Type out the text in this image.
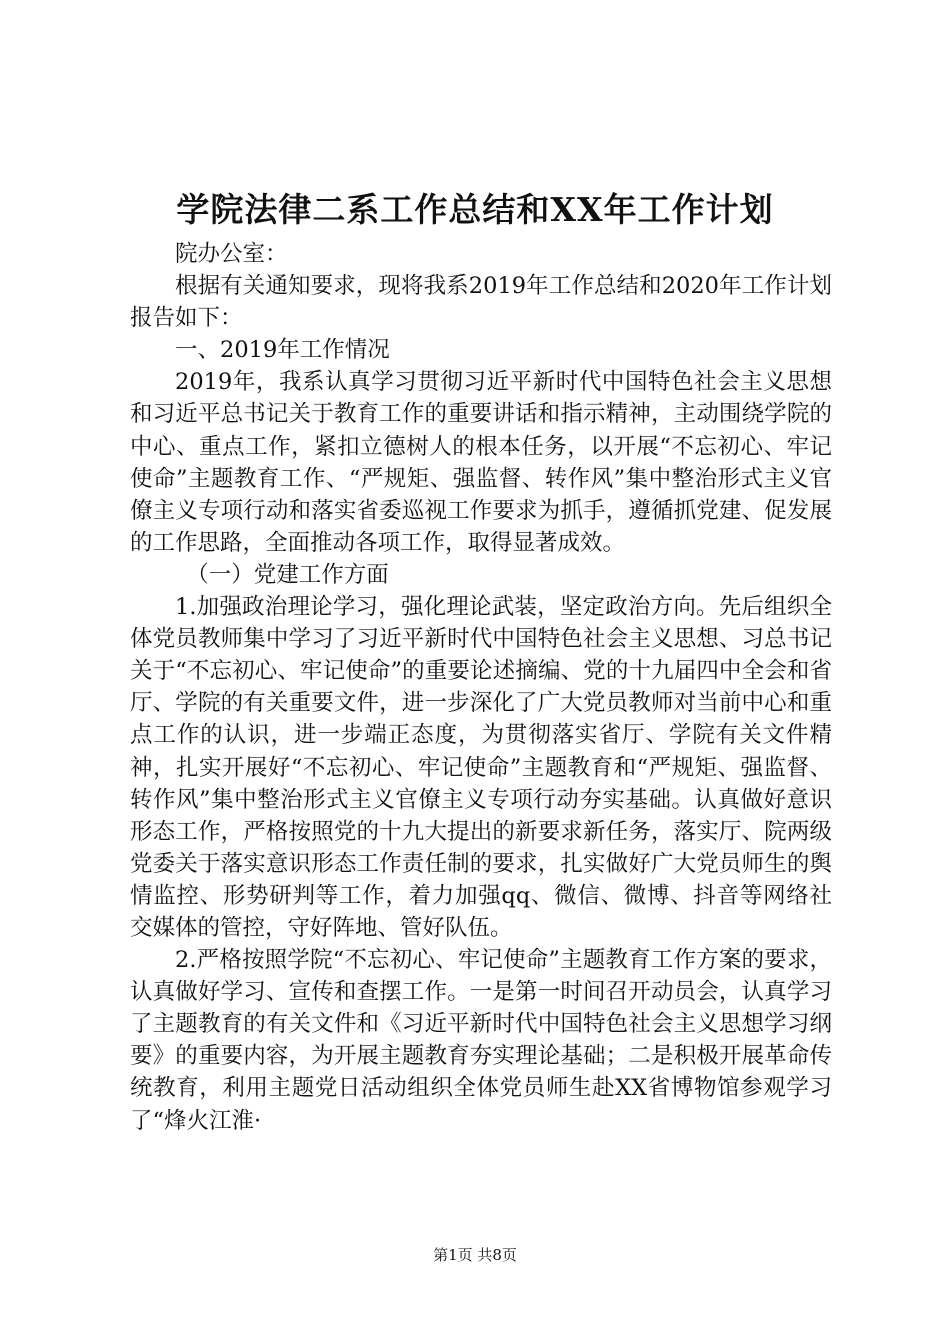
学院法律二系工作总结和XX年工作计划

院办公室：

根据有关通知要求，现将我系2019年工作总结和2020年工作计划报告如下：

一、2019年工作情况

2019年，我系认真学习贯彻习近平新时代中国特色社会主义思想和习近平总书记关于教育工作的重要讲话和指示精神，主动围绕学院的中心、重点工作，紧扣立德树人的根本任务，以开展“不忘初心、牢记使命”主题教育工作、“严规矩、强监督、转作风”集中整治形式主义官僚主义专项行动和落实省委巡视工作要求为抓手，遵循抓党建、促发展的工作思路，全面推动各项工作，取得显著成效。

（一）党建工作方面

1.加强政治理论学习，强化理论武装，坚定政治方向。先后组织全体党员教师集中学习了习近平新时代中国特色社会主义思想、习总书记关于“不忘初心、牢记使命”的重要论述摘编、党的十九届四中全会和省厅、学院的有关重要文件，进一步深化了广大党员教师对当前中心和重点工作的认识，进一步端正态度，为贯彻落实省厅、学院有关文件精神，扎实开展好“不忘初心、牢记使命”主题教育和“严规矩、强监督、转作风”集中整治形式主义官僚主义专项行动夯实基础。认真做好意识形态工作，严格按照党的十九大提出的新要求新任务，落实厅、院两级党委关于落实意识形态工作责任制的要求，扎实做好广大党员师生的舆情监控、形势研判等工作，着力加强qq、微信、微博、抖音等网络社交媒体的管控，守好阵地、管好队伍。

2.严格按照学院“不忘初心、牢记使命”主题教育工作方案的要求，认真做好学习、宣传和查摆工作。一是第一时间召开动员会，认真学习了主题教育的有关文件和《习近平新时代中国特色社会主义思想学习纲要》的重要内容，为开展主题教育夯实理论基础；二是积极开展革命传统教育，利用主题党日活动组织全体党员师生赴XX省博物馆参观学习了“烽火江淮·

第1页 共8页
